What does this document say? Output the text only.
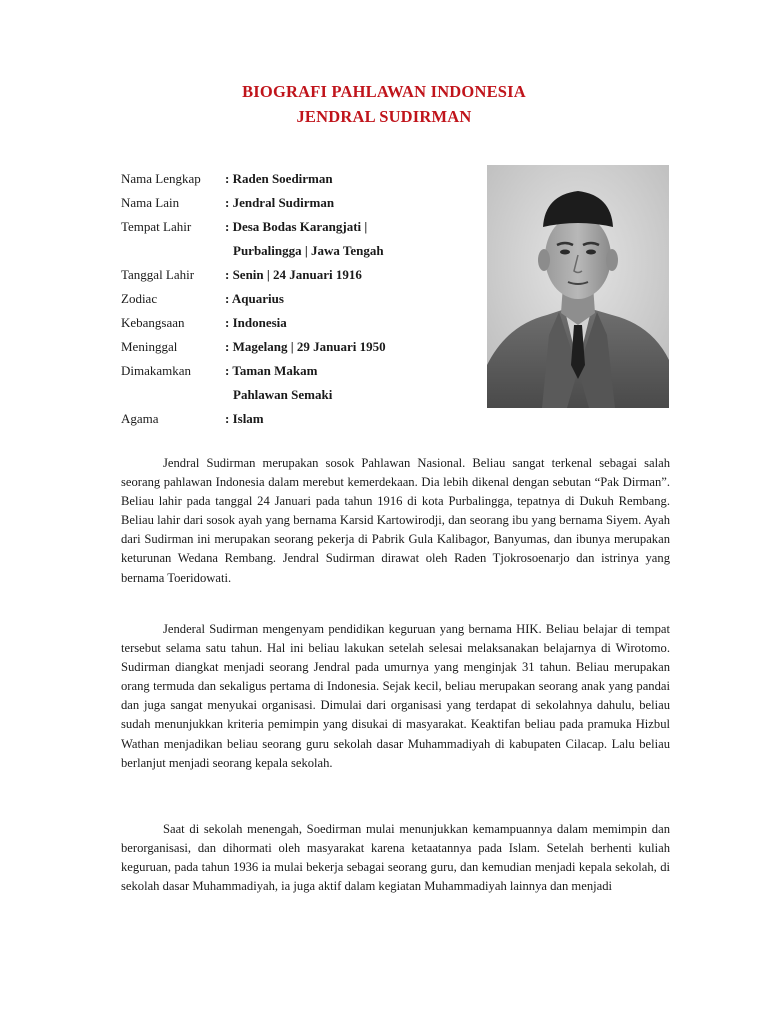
BIOGRAFI PAHLAWAN INDONESIA
JENDRAL SUDIRMAN
Nama Lengkap	: Raden Soedirman
Nama Lain	: Jendral Sudirman
Tempat Lahir	: Desa Bodas Karangjati |
Purbalingga | Jawa Tengah
Tanggal Lahir	: Senin | 24 Januari 1916
Zodiac	: Aquarius
Kebangsaan	: Indonesia
Meninggal	: Magelang | 29 Januari 1950
Dimakamkan	: Taman Makam
Pahlawan Semaki
Agama	: Islam

Jendral Sudirman merupakan sosok Pahlawan Nasional. Beliau sangat terkenal sebagai salah seorang pahlawan Indonesia dalam merebut kemerdekaan. Dia lebih dikenal dengan sebutan “Pak Dirman”. Beliau lahir pada tanggal 24 Januari pada tahun 1916 di kota Purbalingga, tepatnya di Dukuh Rembang. Beliau lahir dari sosok ayah yang bernama Karsid Kartowirodji, dan seorang ibu yang bernama Siyem. Ayah dari Sudirman ini merupakan seorang pekerja di Pabrik Gula Kalibagor, Banyumas, dan ibunya merupakan keturunan Wedana Rembang. Jendral Sudirman dirawat oleh Raden Tjokrosoenarjo dan istrinya yang bernama Toeridowati.

Jenderal Sudirman mengenyam pendidikan keguruan yang bernama HIK. Beliau belajar di tempat tersebut selama satu tahun. Hal ini beliau lakukan setelah selesai melaksanakan belajarnya di Wirotomo. Sudirman diangkat menjadi seorang Jendral pada umurnya yang menginjak 31 tahun. Beliau merupakan orang termuda dan sekaligus pertama di Indonesia. Sejak kecil, beliau merupakan seorang anak yang pandai dan juga sangat menyukai organisasi. Dimulai dari organisasi yang terdapat di sekolahnya dahulu, beliau sudah menunjukkan kriteria pemimpin yang disukai di masyarakat. Keaktifan beliau pada pramuka Hizbul Wathan menjadikan beliau seorang guru sekolah dasar Muhammadiyah di kabupaten Cilacap. Lalu beliau berlanjut menjadi seorang kepala sekolah.

Saat di sekolah menengah, Soedirman mulai menunjukkan kemampuannya dalam memimpin dan berorganisasi, dan dihormati oleh masyarakat karena ketaatannya pada Islam. Setelah berhenti kuliah keguruan, pada tahun 1936 ia mulai bekerja sebagai seorang guru, dan kemudian menjadi kepala sekolah, di sekolah dasar Muhammadiyah, ia juga aktif dalam kegiatan Muhammadiyah lainnya dan menjadi
